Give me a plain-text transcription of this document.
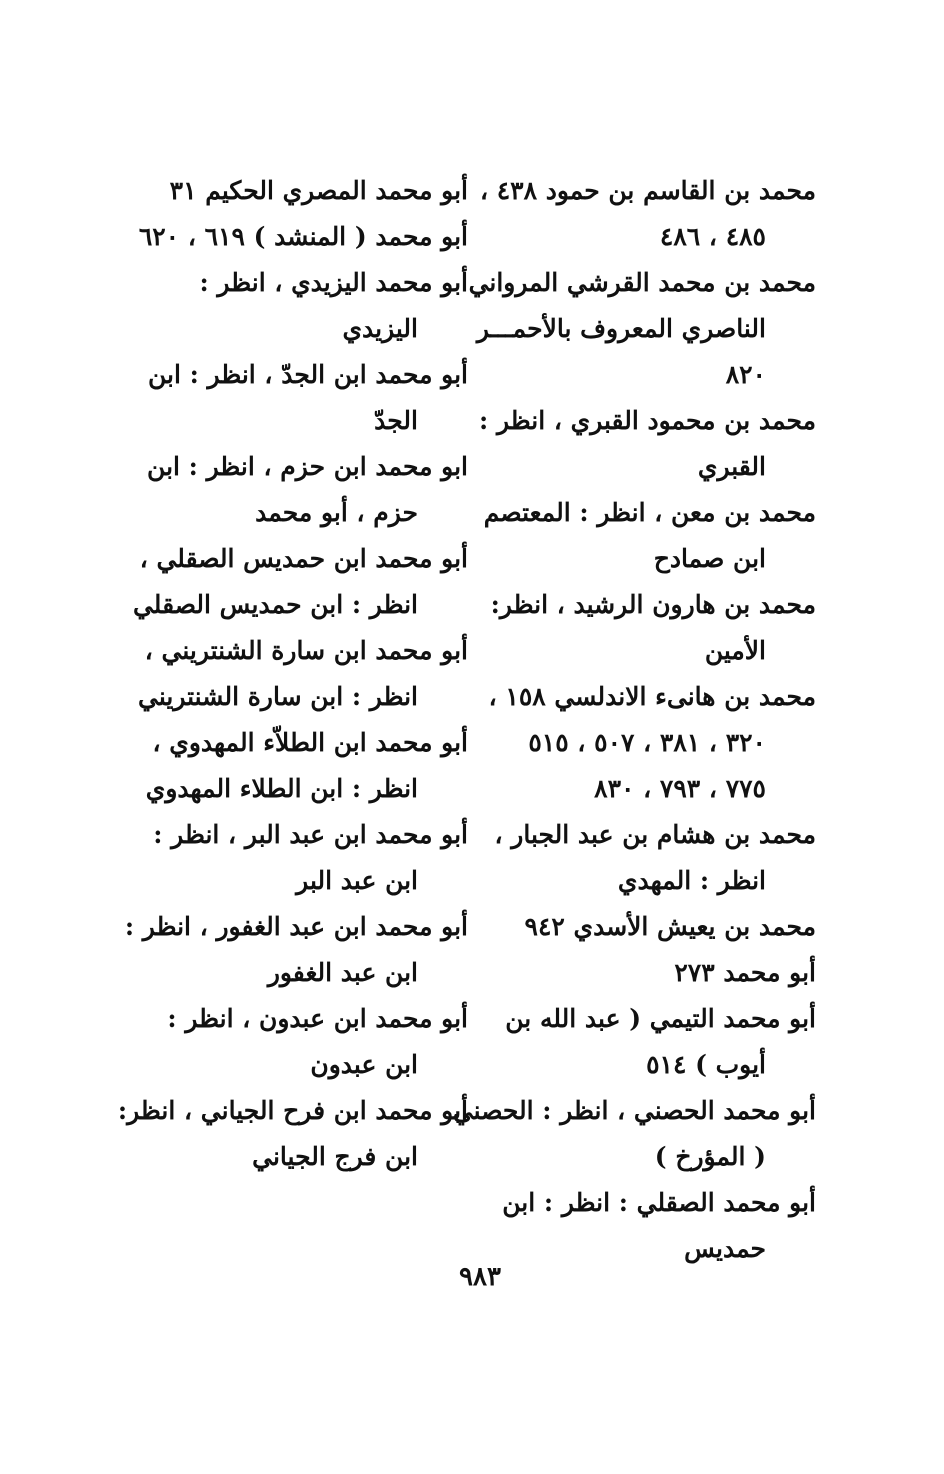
محمد بن القاسم بن حمود ٤٣٨ ،
٤٨٥ ، ٤٨٦
محمد بن محمد القرشي المرواني
الناصري المعروف بالأحمـــر
٨٢٠
محمد بن محمود القبري ، انظر :
القبري
محمد بن معن ، انظر : المعتصم
ابن صمادح
محمد بن هارون الرشيد ، انظر:
الأمين
محمد بن هانىء الاندلسي ١٥٨ ،
٣٢٠ ، ٣٨١ ، ٥٠٧ ، ٥١٥
٧٧٥ ، ٧٩٣ ، ٨٣٠
محمد بن هشام بن عبد الجبار ،
انظر : المهدي
محمد بن يعيش الأسدي ٩٤٢
أبو محمد ٢٧٣
أبو محمد التيمي ( عبد الله بن
أيوب ) ٥١٤
أبو محمد الحصني ، انظر : الحصني
( المؤرخ )
أبو محمد الصقلي : انظر : ابن
حمديس
أبو محمد المصري الحكيم ٣١
أبو محمد ( المنشد ) ٦١٩ ، ٦٢٠
أبو محمد اليزيدي ، انظر :
اليزيدي
أبو محمد ابن الجدّ ، انظر : ابن
الجدّ
ابو محمد ابن حزم ، انظر : ابن
حزم ، أبو محمد
أبو محمد ابن حمديس الصقلي ،
انظر : ابن حمديس الصقلي
أبو محمد ابن سارة الشنتريني ،
انظر : ابن سارة الشنتريني
أبو محمد ابن الطلاّء المهدوي ،
انظر : ابن الطلاء المهدوي
أبو محمد ابن عبد البر ، انظر :
ابن عبد البر
أبو محمد ابن عبد الغفور ، انظر :
ابن عبد الغفور
أبو محمد ابن عبدون ، انظر :
ابن عبدون
أبو محمد ابن فرح الجياني ، انظر:
ابن فرج الجياني
٩٨٣
